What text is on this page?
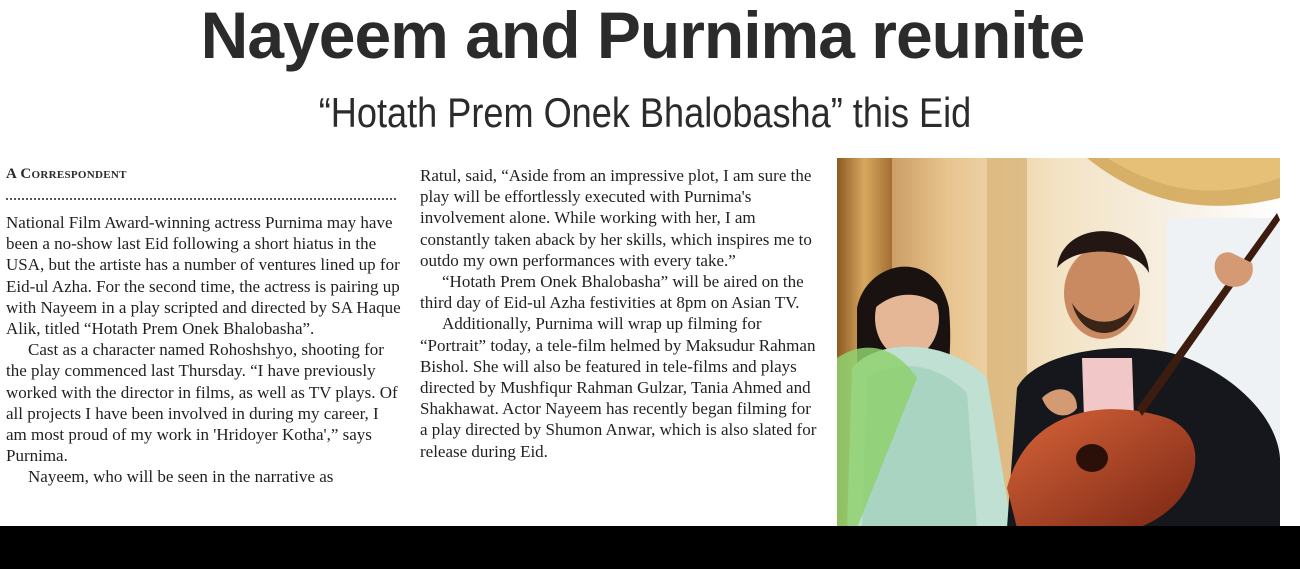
Nayeem and Purnima reunite
“Hotath Prem Onek Bhalobasha” this Eid
A Correspondent

National Film Award-winning actress Purnima may have been a no-show last Eid following a short hiatus in the USA, but the artiste has a number of ventures lined up for Eid-ul Azha. For the second time, the actress is pairing up with Nayeem in a play scripted and directed by SA Haque Alik, titled “Hotath Prem Onek Bhalobasha”.

Cast as a character named Rohoshshyo, shooting for the play commenced last Thursday. “I have previously worked with the director in films, as well as TV plays. Of all projects I have been involved in during my career, I am most proud of my work in 'Hridoyer Kotha',” says Purnima.

Nayeem, who will be seen in the narrative as

Ratul, said, “Aside from an impressive plot, I am sure the play will be effortlessly executed with Purnima's involvement alone. While working with her, I am constantly taken aback by her skills, which inspires me to outdo my own performances with every take.”

“Hotath Prem Onek Bhalobasha” will be aired on the third day of Eid-ul Azha festivities at 8pm on Asian TV.

Additionally, Purnima will wrap up filming for “Portrait” today, a tele-film helmed by Maksudur Rahman Bishol. She will also be featured in tele-films and plays directed by Mushfiqur Rahman Gulzar, Tania Ahmed and Shakhawat. Actor Nayeem has recently began filming for a play directed by Shumon Anwar, which is also slated for release during Eid.
